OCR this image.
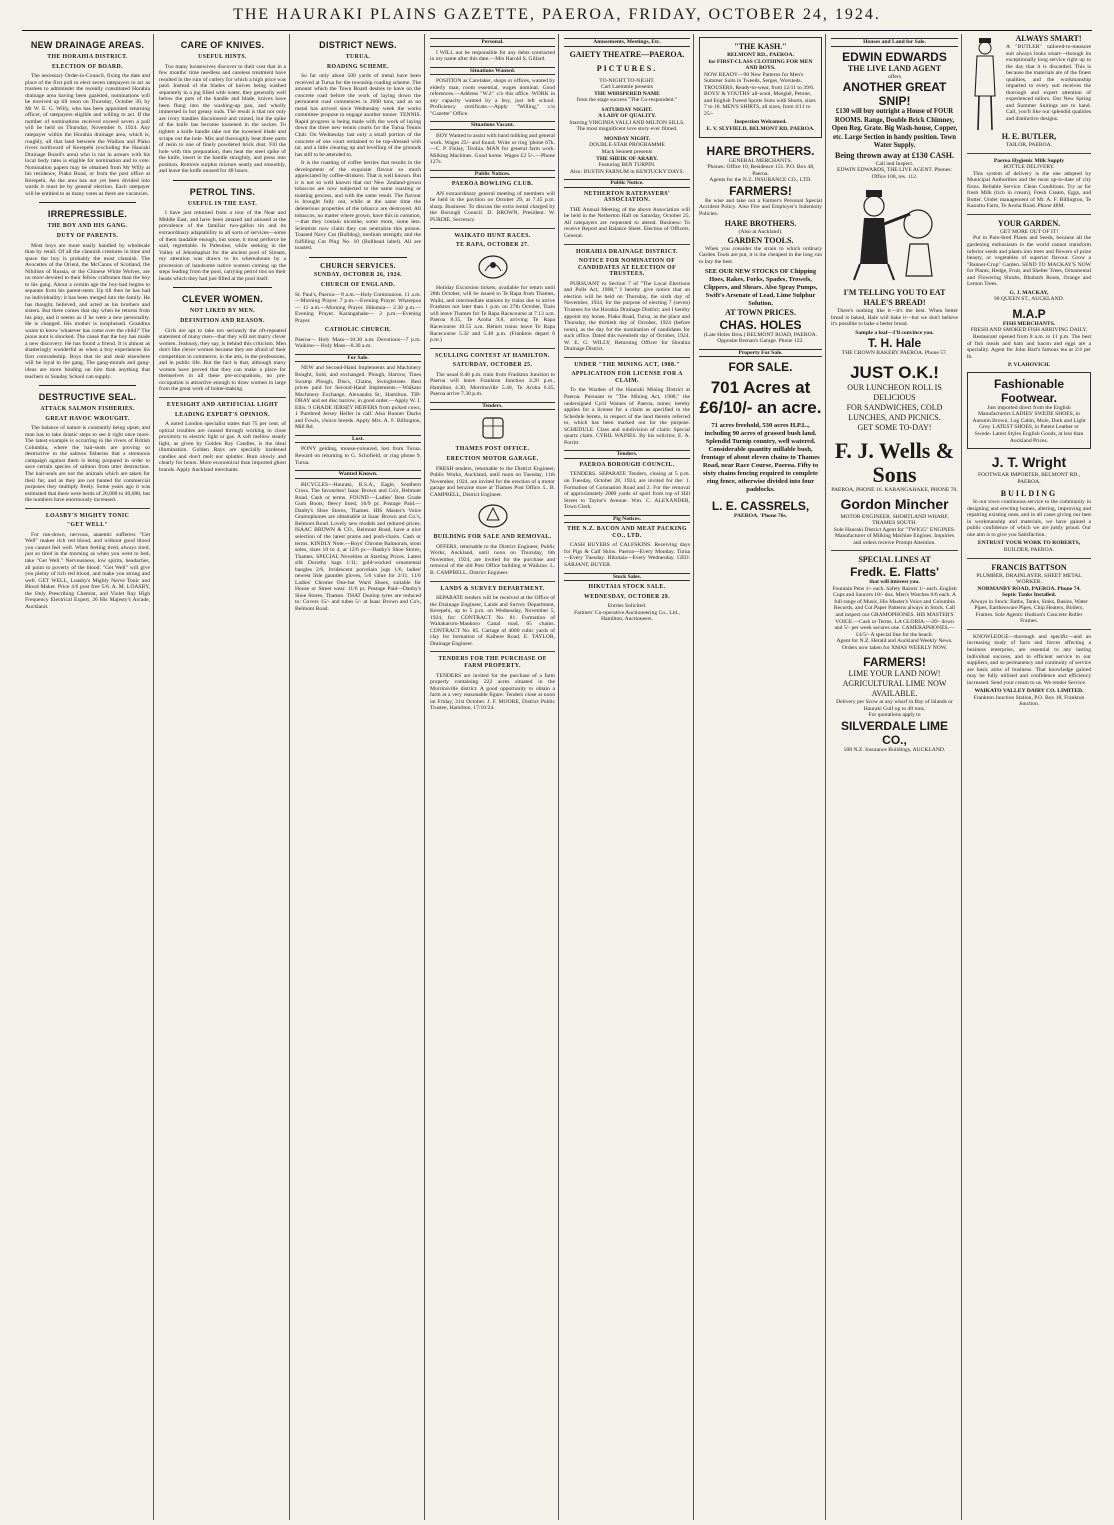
THE HAURAKI PLAINS GAZETTE, PAEROA, FRIDAY, OCTOBER 24, 1924.
NEW DRAINAGE AREAS.
THE HORAHIA DISTRICT.
ELECTION OF BOARD.
The necessary Order-in-Council, fixing the date and place of the first poll to elect seven ratepayers to act as trustees to administer the recently constituted Horahia drainage area having been gazetted, nominations will be received up till noon on Thursday, October 30, by Mr W. E. G. Willy, who has been appointed returning officer, of ratepayers eligible and willing to act. If the number of nominations received exceed seven a poll will be held on Thursday, November 6, 1924. Any ratepayer within the Horahia drainage area, which is, roughly, all that land between the Waihou and Piako rivers northward of Kerepehi (excluding the Hauraki Drainage Board's area) who is not in arrears with his local body rates is eligible for nomination and to vote. Nomination papers may be obtained from Mr Willy at his residence, Piako Road, or from the post office at Kerepehi. As the area has not yet been divided into wards it must be by general election. Each ratepayer will be entitled to as many votes as there are vacancies.
IRREPRESSIBLE.
THE BOY AND HIS GANG.
DUTY OF PARENTS.
Most boys are more easily handled by wholesale than by retail. Of all the clannish creatures in time and space the boy is probably the most clannish. The Avocettes of the Orient, the McCanns of Scotland, the Nihilists of Russia, or the Chinese White Wolves, are no more devoted to their fellow craftsmen than the boy to his gang. About a certain age the boy-bad begins to separate from his parent-stem. Up till then he has had no individuality; it has been merged into the family. He has thought, believed, and acted as his brothers and sisters. But there comes that day when he returns from his play, and it seems as if he were a new personality. He is changed. His mother is nonplussed. Grandma wants to know 'whatever has come over the child?' The pious aunt is shocked. The cause that the boy has made a new discovery. He has found a friend. It is almost as shatteringly wonderful as when a boy experiences his first comradeship. Boys that tie and steal elsewhere will be loyal to the gang. The gang-morals and gang-ideas are more binding on him than anything that teachers or Sunday School can supply.
DESTRUCTIVE SEAL.
ATTACK SALMON FISHERIES.
GREAT HAVOC WROUGHT.
The balance of nature is constantly being upset, and man has to take drastic steps to see it right once more. The latest example is occurring in the rivers of British Columbia, where the hair-seals are proving so destructive to the salmon fisheries that a strenuous campaign against them is being prepared in order to save certain species of salmon from utter destruction. The hair-seals are not the animals which are taken for their fur, and as they are not hunted for commercial purposes they multiply freely. Some years ago it was estimated that there were herds of 20,000 to 40,000, but the numbers have enormously increased.
LOASBY'S MIGHTY TONIC
"GET WELL"
For run-down, nervous, anaemic sufferers "Get Well" makes rich red blood, and without good blood you cannot feel well. When feeling tired, always tired, just so tired in the morning as when you went to bed, take "Get Well." Nervousness, low spirits, headaches, all point to poverty of the blood. "Get Well" will give you plenty of rich red blood, and make you strong and well. GET WELL, Loasby's Mighty Nerve Tonic and Blood Maker. Price 4/6 post free 5/6. A. M. LOASBY, the Only Prescribing Chemist, and Violet Ray High Frequency Electrical Expert, 26 His Majesty's Arcade, Auckland.
CARE OF KNIVES.
USEFUL HINTS.
Too many housewives discover to their cost that in a few months' time needless and careless treatment have resulted in the ruin of cutlery for which a high price was paid. Instead of the blades of knives being washed separately in a jug filled with water, they generally well below the pots of the handle and blade, knives have been flung into the washing-up pan, and wholly immersed in hot greasy suds. The result is that not only are ivory handles discoloured and ruined, but the spike of the knife has become loosened in the socket. To tighten a knife handle take out the loosened blade and scrape out the hole. Mix and thoroughly beat three parts of resin to one of finely powdered brick dust. Fill the hole with this preparation, then heat the steel spike of the knife, insert in the handle straightly, and press into position. Remove surplus mixture neatly and smoothly, and leave the knife unused for 48 hours.
PETROL TINS.
USEFUL IN THE EAST.
I have just returned from a tour of the Near and Middle East, and have been amazed and amused at the prevalence of the familiar two-gallon tin and its extraordinary adaptability to all sorts of services—some of them laudable enough, but some, it must perforce be said, regrettable. In Palestine, while seeking in the Valley of Jehoshaphat for the ancient pool of Siloam, my attention was drawn to its whereabouts by a procession of handsome native women coming up the steps leading from the pool, carrying petrol tins on their heads which they had just filled at the pool itself.
CLEVER WOMEN.
NOT LIKED BY MEN.
DEFINITION AND REASON.
Girls are apt to take too seriously the oft-repeated statement of many men—that they will not marry clever women. Jealousy, they say, is behind this criticism. Men don't like clever women because they are afraid of their competition in commerce, in the arts, in the professions, and in public life. But the fact is that, although many women have proved that they can make a place for themselves in all these pre-occupations, no pre-occupation is attractive enough to draw women in large from the great work of home-making.
EYESIGHT AND ARTIFICIAL LIGHT
LEADING EXPERT'S OPINION.
A noted London specialist states that 75 per cent. of optical troubles are caused through working in close proximity to electric light or gas. A soft mellow steady light, as given by Golden Ray Candles, is the ideal illumination. Golden Rays are specially hardened candles and don't melt nor splutter. Burn slowly and clearly for hours. More economical than imported ghost brands. Apply Auckland merchants.
DISTRICT NEWS.
TURUA.
ROADING SCHEME.
So far only about 500 yards of metal have been received at Turua for the township roading scheme. The amount which the Town Board desires to have on the concrete road before the work of laying down the permanent road commences is 2000 tons, and as no metal has arrived since Wednesday week the works committee propose to engage another tonner. TENNIS. Rapid progress is being made with the work of laying down the three new tennis courts for the Turua Tennis Club. On Wednesday last only a small portion of the concrete of one court remained to be top-dressed with tar, and a little clearing up and levelling of the grounds has still to be attended to.
It is the roasting of coffee berries that results in the development of the exquisite flavour so much appreciated by coffee-drinkers. That is well known. But it is not so well known that our New Zealand-grown tobaccos are now subjected to the same roasting or toasting process, and with the same result. The flavour is brought fully out, while at the same time the deleterious properties of the tobacco are destroyed. All tobaccos, no matter where grown, have this in common,—that they contain nicotine, some more, some less. Scientists now claim they can neutralize this poison. Toasted Navy Cut (Bulldog), medium strength; and the fulfilling Cut Plug No. 10 (Bullhead label). All are toasted.
CHURCH SERVICES.
SUNDAY, OCTOBER 26, 1924.
CHURCH OF ENGLAND.
St. Paul's, Paeroa— 8 a.m.—Holy Communion. 11 a.m.—Morning Prayer. 7 p.m.—Evening Prayer. Wharepoa— 11 a.m.—Morning Prayer. Hikutaia— 2.30 p.m.—Evening Prayer. Karangahake— 3 p.m.—Evening Prayer.
CATHOLIC CHURCH.
Paeroa— Holy Mass—10.30 a.m. Devotions—7 p.m. Waikino— Holy Mass—8.30 a.m.
For Sale.
NEW and Second-Hand Implements and Machinery Bought, Sold, and exchanged. Plough, Harrow, Tines Swamp Plough, Discs, Chains, Swingletrees. Best prices paid for Second-Hand Implements.—Waikato Machinery Exchange, Alexandra St., Hamilton. TIP-DRAY and set disc harrow, in good order.—Apply W. J. Ellis. 9 GRADE JERSEY HEIFERS from picked cows, 1 Purebred Jersey Heifer in calf. Also Runner Ducks and Fowls, choice breeds. Apply Mrs. A. F. Billington, Mill Rd.
Lost.
PONY gelding, mouse-coloured, lost from Turua. Reward on returning to G. Schofield, or ring phone 9, Turua.
Wanted Known.
BICYCLES—Hauraki, B.S.A., Eagle, Southern Cross. The favourites! Isaac Brown and Co's, Belmont Road. Cash or terms. FOUND.—Ladies' Best Grade Gum Boots, fleecy lined, 16/9 pr. Postage Paid.—Danby's Shoe Stores, Thames. HIS Master's Voice Gramophones are obtainable at Isaac Brown and Co.'s, Belmont Road. Lovely new models and reduced prices. ISAAC BROWN & CO., Belmont Road, have a nice selection of the latest prams and push-chairs. Cash or terms. KINDLY Note.—Boys' Chrome Balmorals, stout soles, sizes 10 to 4, at 12/6 pr.—Danby's Shoe Stores, Thames. SPECIAL Novelties at Starting Prices. Latest silk Dorothy bags 1/11; gold-worked ornamental bangles 2/6, Irridescent porcelain jugs 1/6, ladies' newest lisle gauntlet gloves, 5/6 value for 2/11. 11/6 Ladies' Chrome One-bar Ward Shoes, suitable for House or Street wear. 11/6 pr. Postage Paid—Danby's Shoe Stores, Thames. THAT Dunlop tyres are reduced to: Covers 15/- and tubes 5/- at Isaac Brown and Co's, Belmont Road.
Personal.
I WILL not be responsible for any debts contracted in my name after this date.—Mrs Harold S. Gillard.
Situations Wanted.
POSITION as Caretaker, shops or offices, wanted by elderly man, room essential, wages nominal. Good references.—Address "W.J." c/o this office. WORK in any capacity wanted by a boy, just left school. Proficiency certificate.—Apply "Willing," c/o "Gazette" Office.
Situations Vacant.
BOY Wanted to assist with hand milking and general work. Wages 25/- and found. Write or ring 'phone 67k.—C. P. Finlay, Tirohia. MAN for general farm work. Milking Machines. Good home. Wages £2 5/-.—Phone 127s.
Public Notices.
PAEROA BOWLING CLUB.
AN extraordinary general meeting of members will be held in the pavilion on October 29, at 7.45 p.m. sharp. Business: To discuss the extra rental charged by the Borough Council. D. BROWN, President. W. PURDIE, Secretary.
WAIKATO HUNT RACES.
TE RAPA, OCTOBER 27.
Holiday Excursion tickets, available for return until 28th October, will be issued to Te Rapa from Thames, Waihi, and intermediate stations by trains due to arrive Frankton not later than 1 p.m. on 27th October. Train will leave Thames for Te Rapa Racecourse at 7.13 a.m. Paeroa 8.35, Te Aroha 9.8, arriving Te Rapa Racecourse 10.55 a.m. Return trains leave Te Rapa Racecourse 5.32 and 5.48 p.m. (Frankton depart 6 p.m.)
SCULLING CONTEST AT HAMILTON.
SATURDAY, OCTOBER 25.
The usual 8.40 p.m. train from Frankton Junction to Paeroa will leave Frankton Junction 4.20 p.m., Hamilton 4.30, Morrinsville 5.40, Te Aroha 6.45, Paeroa arrive 7.30 p.m.
Tenders.
THAMES POST OFFICE.
ERECTION MOTOR GARAGE.
FRESH tenders, returnable to the District Engineer, Public Works, Auckland, until noon on Tuesday, 11th November, 1924, are invited for the erection of a motor garage and benzine store at Thames Post Office. L. B. CAMPBELL, District Engineer.
BUILDING FOR SALE AND REMOVAL.
OFFERS, returnable to the District Engineer, Public Works, Auckland, until noon on Thursday, 6th November, 1924, are invited for the purchase and removal of the old Post Office building at Waikino. L. B. CAMPBELL, District Engineer.
LANDS & SURVEY DEPARTMENT.
SEPARATE tenders will be received at the Office of the Drainage Engineer, Lands and Survey Department, Kerepehi, up to 5 p.m. on Wednesday, November 5, 1924, for: CONTRACT No. 81. Formation of Waitakaruru-Maukoro Canal road, 65 chains. CONTRACT No. 85. Cartage of 4000 cubic yards of clay for formation of Kaihere Road. E. TAYLOR, Drainage Engineer.
TENDERS FOR THE PURCHASE OF FARM PROPERTY.
TENDERS are invited for the purchase of a farm property containing 222 acres situated in the Morrinsville district. A good opportunity to obtain a farm at a very reasonable figure. Tenders close at noon on Friday, 31st October. J. F. MOORE, District Public Trustee, Hamilton. 17/10/24.
Amusements, Meetings, Etc.
GAIETY THEATRE—PAEROA.
PICTURES.
TO-NIGHT TO-NIGHT.
Carl Laemmle presents
THE WHISPERED NAME
from the stage success "The Co-respondent."
SATURDAY NIGHT.
A LADY OF QUALITY.
Starring VIRGINIA VALLI AND MILTON SILLS.
The most magnificent love story ever filmed.
MONDAY NIGHT.
DOUBLE-STAR PROGRAMME
Mack Sennett presents
THE SHEIK OF ARABY.
Featuring BEN TURPIN.
Also: DUSTIN FARNUM in KENTUCKY DAYS.
Public Notice.
NETHERTON RATEPAYERS' ASSOCIATION.
THE Annual Meeting of the above Association will be held in the Netherton Hall on Saturday, October 25. All ratepayers are requested to attend. Business: To receive Report and Balance Sheet. Election of Officers. General.
HORAHIA DRAINAGE DISTRICT.
NOTICE FOR NOMINATION OF CANDIDATES AT ELECTION OF TRUSTEES.
PURSUANT to Section 7 of "The Local Elections and Polls Act, 1908," I hereby give notice that an election will be held on Thursday, the sixth day of November, 1924, for the purpose of electing 7 (seven) Trustees for the Horahia Drainage District; and I hereby appoint my house, Piako Road, Turua, as the place and Thursday, the thirtieth day of October, 1924 (before noon), as the day for the nomination of candidates for such office. Dated this twentieth day of October, 1924. W. E. G. WILLY, Returning Officer for Horahia Drainage District.
UNDER "THE MINING ACT, 1908."
APPLICATION FOR LICENSE FOR A CLAIM.
To the Warden of the Hauraki Mining District at Paeroa. Pursuant to "The Mining Act, 1908," the undersigned Cyril Waines of Paeroa, miner, hereby applies for a license for a claim as specified in the Schedule hereto, in respect of the land therein referred to, which has been marked out for the purpose. SCHEDULE. Class and subdivision of claim: Special quartz claim. CYRIL WAINES. By his solicitor, E. A. Porritt.
Tenders.
PAEROA BOROUGH COUNCIL.
TENDERS. SEPARATE Tenders, closing at 5 p.m. on Tuesday, October 28, 1924, are invited for the: 1. Formation of Coronation Road and 2. For the removal of approximately 2000 yards of spoil from top of Hill Street to Taylor's Avenue. Wm. C. ALEXANDER, Town Clerk.
Pig Notices.
THE N.Z. BACON AND MEAT PACKING CO., LTD.
CASH BUYERS of CALFSKINS. Receiving days for Pigs & Calf Skins. Paeroa—Every Monday. Turua—Every Tuesday. Hikutaia—Every Wednesday. GEO. SARJANT, BUYER.
Stock Sales.
HIKUTAIA STOCK SALE.
WEDNESDAY, OCTOBER 29.
Entries Solicited.
Farmers' Co-operative Auctioneering Co., Ltd., Hamilton, Auctioneers.
"THE KASH."
BELMONT RD., PAEROA.
for FIRST-CLASS CLOTHING FOR MEN AND BOYS.
NOW READY—90 New Patterns for Men's Summer Suits in Tweeds, Serges, Worsteds. TROUSERS, Ready-to-wear, from 12/11 to 39/6. BOYS' & YOUTHS' all-wool, Mosgiel, Petone, and English Tweed Sports Suits with Shorts, sizes 7 to 18. MEN'S SHIRTS, all sizes, from 4/11 to 25/-
Inspection Welcomed.
E. V. SLYFIELD, BELMONT RD, PAEROA.
HARE BROTHERS.
GENERAL MERCHANTS.
'Phones: Office 10, Residence 151. P.O. Box 48, Paeroa.
Agents for the N.Z. INSURANCE CO., LTD.
FARMERS!
Be wise and take out a Farmer's Personal Special Accident Policy. Also Fire and Employer's Indemnity Policies.
HARE BROTHERS.
(Also at Auckland).
GARDEN TOOLS.
When you consider the strain to which ordinary Garden Tools are put, it is the cheapest in the long run to buy the best.
SEE OUR NEW STOCKS OF Chipping Hoes, Rakes, Forks, Spades, Trowels, Clippers, and Shears. Also Spray Pumps, Swift's Arsenate of Lead, Lime Sulphur Solution,
AT TOWN PRICES.
CHAS. HOLES
(Late Holes Bros.) BELMONT ROAD, PAEROA. Opposite Brenan's Garage. Phone 122.
Property For Sale.
FOR SALE.
701 Acres at £6/10/- an acre.
71 acres freehold, 530 acres H.P.L., including 90 acres of grassed bush land. Splendid Turnip country, well watered. Considerable quantity millable bush, frontage of about eleven chains to Thames Road, near Race Course, Paeroa. Fifty to sixty chains fencing required to complete ring fence, otherwise divided into four paddocks.
L. E. CASSRELS,
PAEROA. 'Phone 76s.
Houses and Land for Sale.
EDWIN EDWARDS
THE LIVE LAND AGENT
offers
ANOTHER GREAT SNIP!
£130 will buy outright a House of FOUR ROOMS. Range, Double Brick Chimney, Open Reg. Grate. Big Wash-house, Copper, etc. Large Section in handy position. Town Water Supply.
Being thrown away at £130 CASH.
Call and Inspect.
EDWIN EDWARDS, THE LIVE AGENT. Phones: Office 108, res. 112.
I'M TELLING YOU TO EAT HALE'S BREAD!
There's nothing like it—it's the best. When better bread is baked, Hale will bake it—but we don't believe it's possible to bake a better bread.
Sample a loaf—I'll convince you.
T. H. Hale
THE CROWN BAKERY PAEROA. Phone 57.
JUST O.K.!
OUR LUNCHEON ROLL IS DELICIOUS
FOR SANDWICHES, COLD LUNCHES, AND PICNICS.
GET SOME TO-DAY!
F. J. Wells & Sons
PAEROA, PHONE 16. KARANGAHAKE, PHONE 70.
Gordon Mincher
MOTOR ENGINEER. SHORTLAND WHARF, THAMES SOUTH.
Sole Hauraki District Agent for "TWIGG" ENGINES. Manufacturer of Milking Machine Engines. Inquiries and orders receive Prompt Attention.
SPECIAL LINES AT
Fredk. E. Flatts'
that will interest you.
Fountain Pens 1/- each. Safety Razors 1/- each. English Cups and Saucers 10/- doz. Men's Watches 6/6 each. A full range of Music, His Master's Voice and Columbia Records, and Cut Paper Patterns always in Stock. Call and inspect our GRAMOPHONES. HIS MASTER'S VOICE.—Cash or Terms. LA GLORIA.—20/- down and 5/- per week secures one. CAMERAPHONES.—£4/5/- A special line for the beach.
Agent for N.Z. Herald and Auckland Weekly News. Orders now taken for XMAS WEEKLY NOW.
FARMERS!
LIME YOUR LAND NOW! AGRICULTURAL LIME NOW AVAILABLE.
Delivery per Scow at any wharf in Bay of Islands or Hauraki Gulf up to 40 tons.
For quotations apply to
SILVERDALE LIME CO.,
508 N.Z. Insurance Buildings, AUCKLAND.
ALWAYS SMART!
A "BUTLER" tailored-to-measure suit always looks smart—through its exceptionally long service right up to the day that it is discarded. This is because the materials are of the finest qualities, and the workmanship imparted to every suit receives the thorough and expert attention of experienced tailors. Our New Spring and Summer Suitings are to hand. Call, you'll like our splendid qualities and distinctive designs.
H. E. BUTLER,
TAILOR, PAEROA.
Paeroa Hygienic Milk Supply
BOTTLE DELIVERY.
This system of delivery is the one adopted by Municipal Authorities and the most up-to-date of city firms. Reliable Service. Clean Conditions. Try us for fresh Milk (rich in cream), Fresh Cream, Eggs, and Butter. Under management of Mr. A. F. Billington, Te Kaouttu Farm, Te Aroha Road. Phone 48M.
YOUR GARDEN.
GET MORE OUT OF IT!
Put in Pure-bred Plants and Seeds, because all the gardening enthusiasm in the world cannot transform inferior seeds and plants into trees and flowers of prize beauty, or vegetables of superior flavour. Grow a "Banner-Crop" Garden. SEND TO MACKAY'S NOW for Plants, Hedge, Fruit, and Shelter Trees, Ornamental and Flowering Shrubs, Rhubarb Roots, Orange and Lemon Trees.
G. J. MACKAY,
98 QUEEN ST., AUCKLAND.
M.A.P
FISH MERCHANTS.
FRESH AND SMOKED FISH ARRIVING DAILY.
Restaurant opened from 8 a.m. to 11 p.m. The best of fish meals and ham and bacon and eggs are a speciality. Agent for John Bart's famous tea at 2/4 per lb.
P. VLAHOVICH.
Fashionable Footwear.
Just imported direct from the English Manufacturers LADIES' SWEDE SHOES, in Autumn Brown, Log Cabin, Mole, Dark and Light Grey. LATEST SHOES, in Patent Leather or Swede. Latest Styles English Goods, at less than Auckland Prices.
J. T. Wright
FOOTWEAR IMPORTER, BELMONT RD., PAEROA.
BUILDING
In our town continuous service to the community in designing and erecting homes, altering, improving and repairing existing ones, and in all cases giving our best in workmanship and materials, we have gained a public confidence of which we are justly proud. Our one aim is to give you Satisfaction.
ENTRUST YOUR WORK TO ROBERTS,
BUILDER, PAEROA.
FRANCIS BATTSON
PLUMBER, DRAINLAYER, SHEET METAL WORKER.
NORMANBY ROAD, PAEROA. Phone 74.
Septic Tanks Installed.
Always in Stock: Baths, Tanks, Sinks, Basins, Water Pipes, Earthenware Pipes, Chip Heaters, Boilers, Frames. Sole Agents: Hudson's Concrete Roller Frames.
KNOWLEDGE—thorough and specific—and an increasing study of facts and forces affecting a business enterprise, are essential to any lasting individual success, and to efficient service to our suppliers, and so permanency and continuity of service are basic aims of business. That knowledge gained may be fully utilised and confidence and efficiency increased. Send your cream to us. We render Service.
WAIKATO VALLEY DAIRY CO. LIMITED.
Frankton Junction Station, P.O. Box 18, Frankton Junction.
